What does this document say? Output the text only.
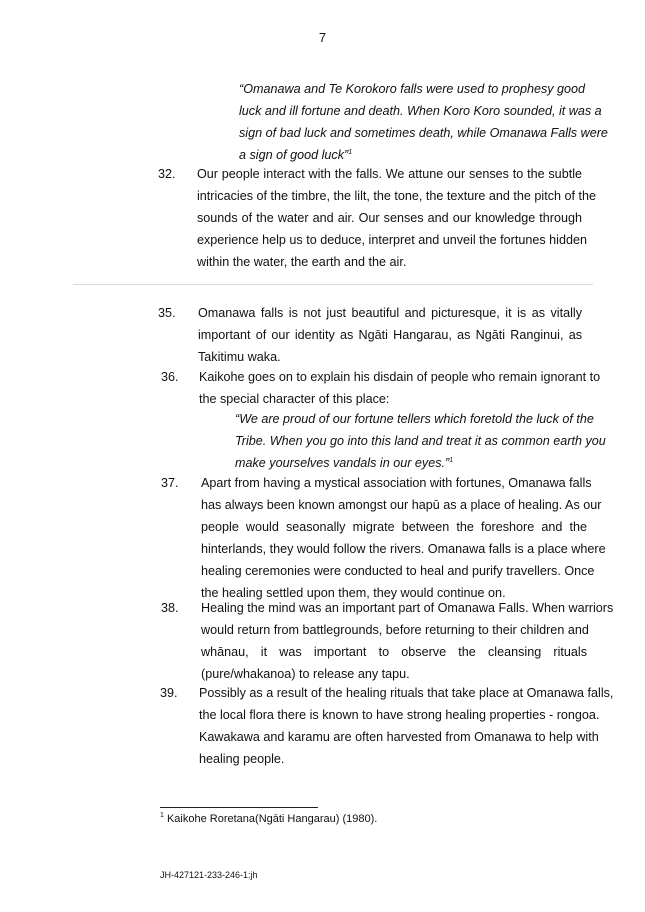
7
“Omanawa and Te Korokoro falls were used to prophesy good
luck and ill fortune and death. When Koro Koro sounded, it was a
sign of bad luck and sometimes death, while Omanawa Falls were
a sign of good luck”$^1$
32. Our people interact with the falls. We attune our senses to the subtle
intricacies of the timbre, the lilt, the tone, the texture and the pitch of the
sounds of the water and air. Our senses and our knowledge through
experience help us to deduce, interpret and unveil the fortunes hidden
within the water, the earth and the air.
35. Omanawa falls is not just beautiful and picturesque, it is as vitally
important of our identity as Ngāti Hangarau, as Ngāti Ranginui, as
Takitimu waka.
36. Kaikohe goes on to explain his disdain of people who remain ignorant to
the special character of this place:
“We are proud of our fortune tellers which foretold the luck of the
Tribe. When you go into this land and treat it as common earth you
make yourselves vandals in our eyes.”$^1$
37. Apart from having a mystical association with fortunes, Omanawa falls
has always been known amongst our hapū as a place of healing. As our
people would seasonally migrate between the foreshore and the
hinterlands, they would follow the rivers. Omanawa falls is a place where
healing ceremonies were conducted to heal and purify travellers. Once
the healing settled upon them, they would continue on.
38. Healing the mind was an important part of Omanawa Falls. When warriors
would return from battlegrounds, before returning to their children and
whānau, it was important to observe the cleansing rituals
(pure/whakanoa) to release any tapu.
39. Possibly as a result of the healing rituals that take place at Omanawa falls,
the local flora there is known to have strong healing properties - rongoa.
Kawakawa and karamu are often harvested from Omanawa to help with
healing people.
$^1$ Kaikohe Roretana(Ngāti Hangarau) (1980).
JH-427121-233-246-1:jh
